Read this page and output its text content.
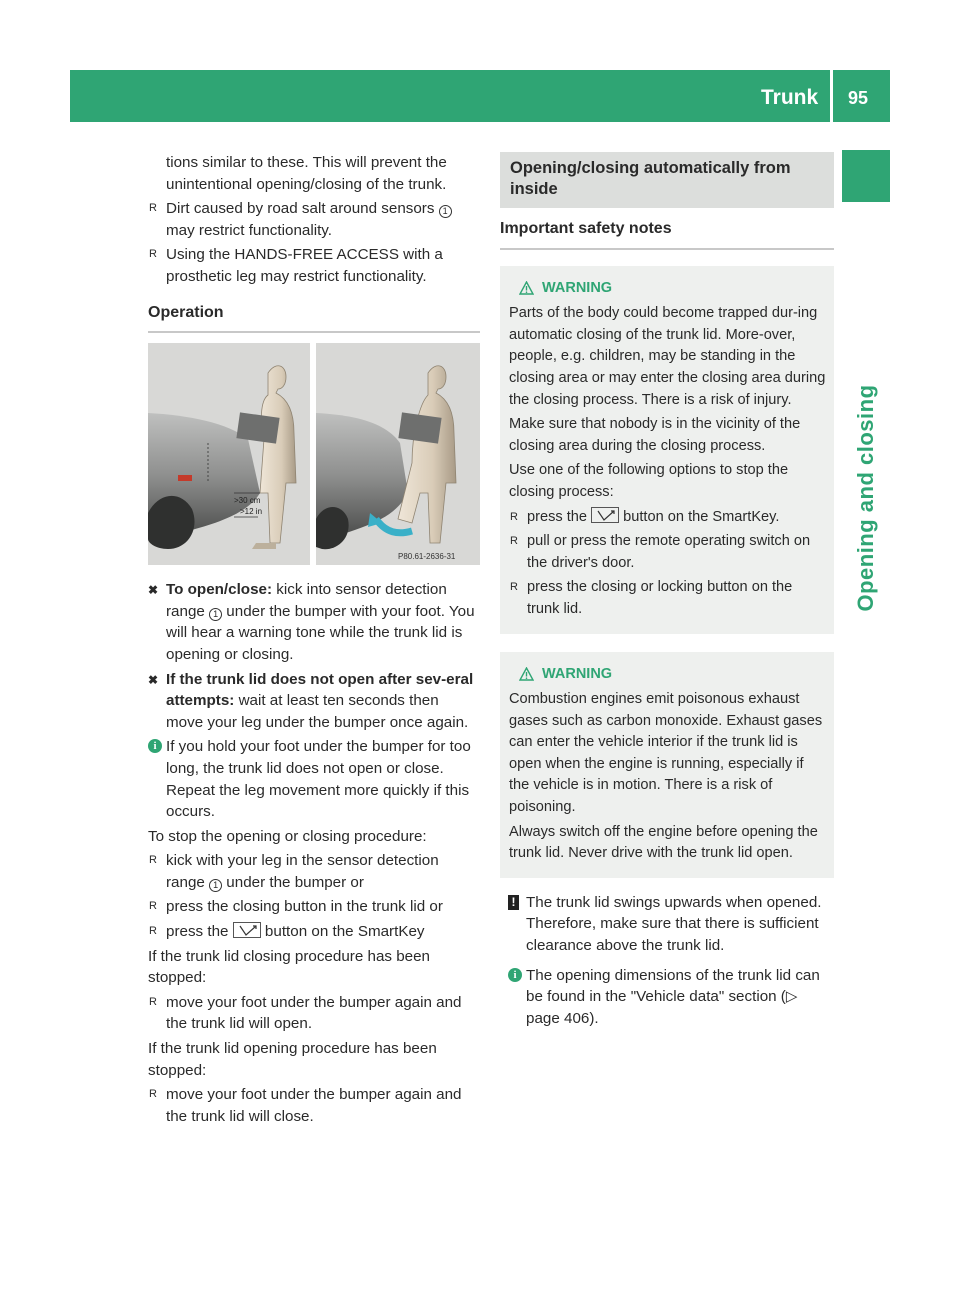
Trunk 95
Opening and closing

tions similar to these. This will prevent the unintentional opening/closing of the trunk.

R Dirt caused by road salt around sensors 1 may restrict functionality.
R Using the HANDS-FREE ACCESS with a prosthetic leg may restrict functionality.
Operation
>30 cm
>12 in
P80.61-2636-31
✖ To open/close: kick into sensor detection range 1 under the bumper with your foot. You will hear a warning tone while the trunk lid is opening or closing.
✖ If the trunk lid does not open after sev-eral attempts: wait at least ten seconds then move your leg under the bumper once again.
i If you hold your foot under the bumper for too long, the trunk lid does not open or close. Repeat the leg movement more quickly if this occurs.

To stop the opening or closing procedure:

R kick with your leg in the sensor detection range 1 under the bumper or
R press the closing button in the trunk lid or
R press the
button on the SmartKey

If the trunk lid closing procedure has been stopped:

R move your foot under the bumper again and the trunk lid will open.

If the trunk lid opening procedure has been stopped:

R move your foot under the bumper again and the trunk lid will close.
Opening/closing automatically from inside
Important safety notes
WARNING

Parts of the body could become trapped dur-ing automatic closing of the trunk lid. More-over, people, e.g. children, may be standing in the closing area or may enter the closing area during the closing process. There is a risk of injury.

Make sure that nobody is in the vicinity of the closing area during the closing process.

Use one of the following options to stop the closing process:

R press the
button on the SmartKey.
R pull or press the remote operating switch on the driver's door.
R press the closing or locking button on the trunk lid.
WARNING

Combustion engines emit poisonous exhaust gases such as carbon monoxide. Exhaust gases can enter the vehicle interior if the trunk lid is open when the engine is running, especially if the vehicle is in motion. There is a risk of poisoning.

Always switch off the engine before opening the trunk lid. Never drive with the trunk lid open.

! The trunk lid swings upwards when opened. Therefore, make sure that there is sufficient clearance above the trunk lid.
i The opening dimensions of the trunk lid can be found in the "Vehicle data" section (▷ page 406).
